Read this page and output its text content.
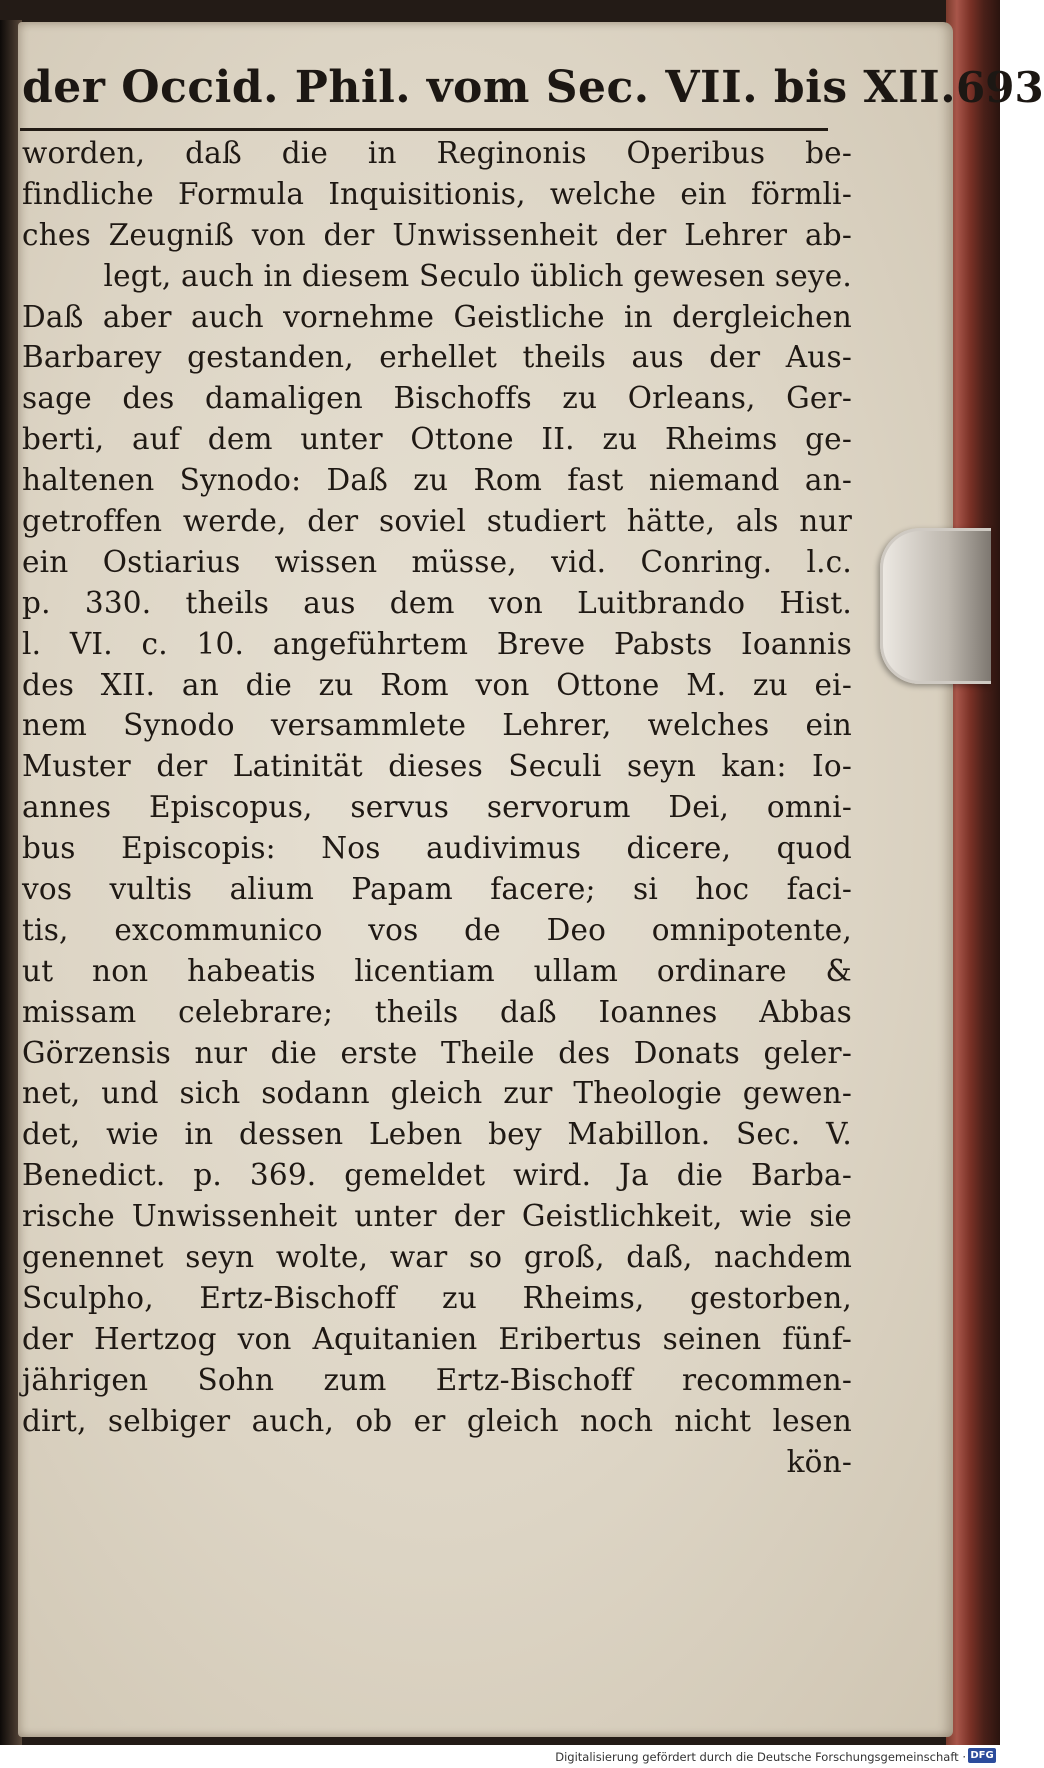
der Occid. Phil. vom Sec. VII. bis XII. 693
worden, daß die in Reginonis Operibus be-
findliche Formula Inquisitionis, welche ein förmli-
ches Zeugniß von der Unwissenheit der Lehrer ab-
legt, auch in diesem Seculo üblich gewesen seye.
Daß aber auch vornehme Geistliche in dergleichen
Barbarey gestanden, erhellet theils aus der Aus-
sage des damaligen Bischoffs zu Orleans, Ger-
berti, auf dem unter Ottone II. zu Rheims ge-
haltenen Synodo: Daß zu Rom fast niemand an-
getroffen werde, der soviel studiert hätte, als nur
ein Ostiarius wissen müsse, vid. Conring. l.c.
p. 330. theils aus dem von Luitbrando Hist.
l. VI. c. 10. angeführtem Breve Pabsts Ioannis
des XII. an die zu Rom von Ottone M. zu ei-
nem Synodo versammlete Lehrer, welches ein
Muster der Latinität dieses Seculi seyn kan: Io-
annes Episcopus, servus servorum Dei, omni-
bus Episcopis: Nos audivimus dicere, quod
vos vultis alium Papam facere; si hoc faci-
tis, excommunico vos de Deo omnipotente,
ut non habeatis licentiam ullam ordinare &
missam celebrare; theils daß Ioannes Abbas
Görzensis nur die erste Theile des Donats geler-
net, und sich sodann gleich zur Theologie gewen-
det, wie in dessen Leben bey Mabillon. Sec. V.
Benedict. p. 369. gemeldet wird. Ja die Barba-
rische Unwissenheit unter der Geistlichkeit, wie sie
genennet seyn wolte, war so groß, daß, nachdem
Sculpho, Ertz-Bischoff zu Rheims, gestorben,
der Hertzog von Aquitanien Eribertus seinen fünf-
jährigen Sohn zum Ertz-Bischoff recommen-
dirt, selbiger auch, ob er gleich noch nicht lesen
kön-
Digitalisierung gefördert durch die Deutsche Forschungsgemeinschaft · DFG
